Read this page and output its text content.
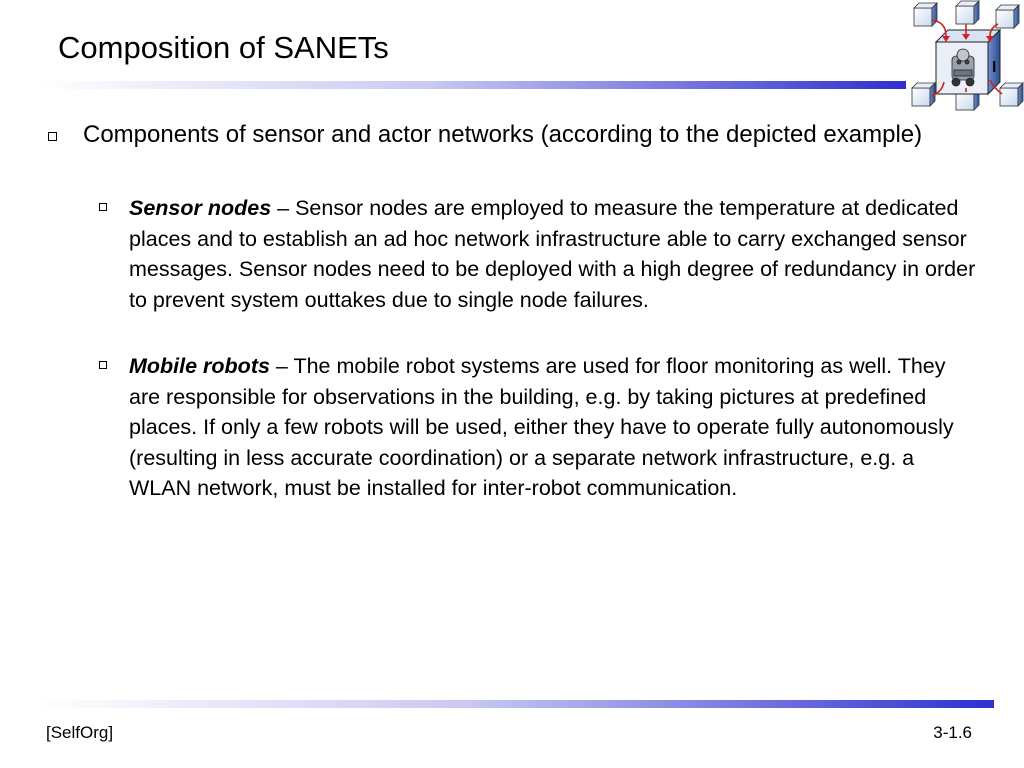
Composition of SANETs
I
Components of sensor and actor networks (according to the depicted example)
Sensor nodes – Sensor nodes are employed to measure the temperature at dedicated places and to establish an ad hoc network infrastructure able to carry exchanged sensor messages. Sensor nodes need to be deployed with a high degree of redundancy in order to prevent system outtakes due to single node failures.
Mobile robots – The mobile robot systems are used for floor monitoring as well. They are responsible for observations in the building, e.g. by taking pictures at predefined places. If only a few robots will be used, either they have to operate fully autonomously (resulting in less accurate coordination) or a separate network infrastructure, e.g. a WLAN network, must be installed for inter-robot communication.
[SelfOrg]	3-1.6
